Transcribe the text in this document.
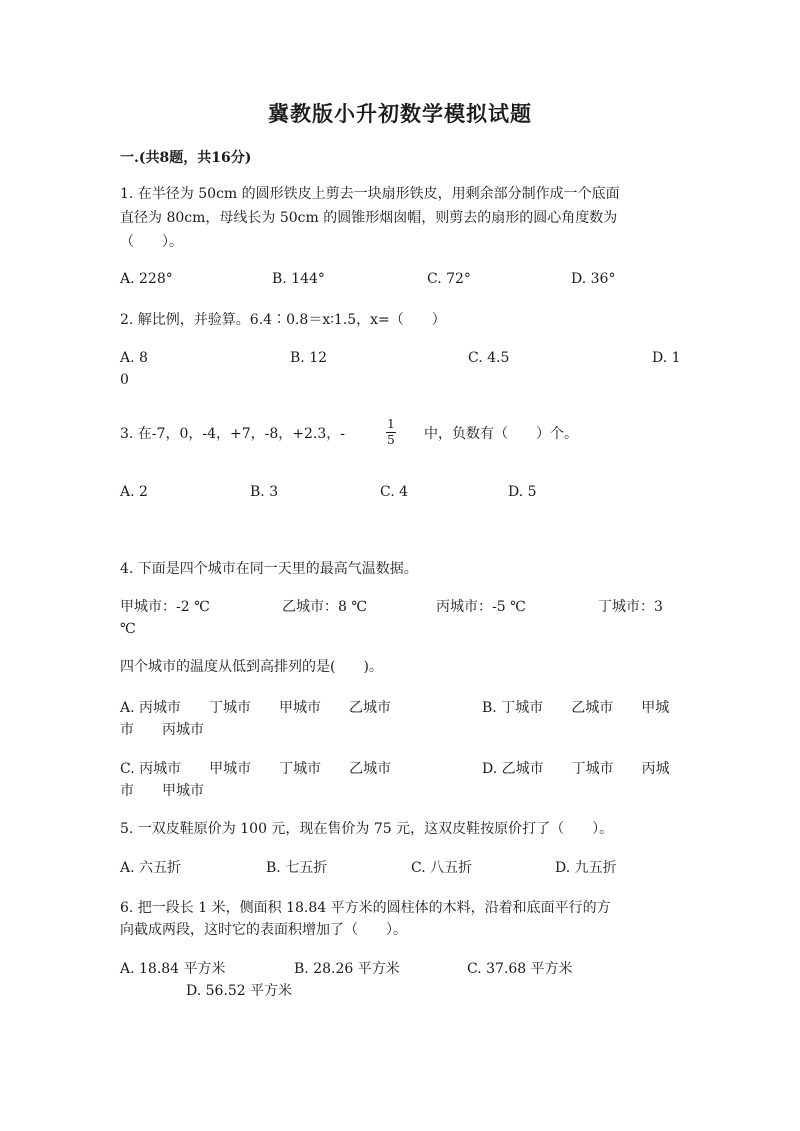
冀教版小升初数学模拟试题
一.(共8题，共16分)
1. 在半径为 50cm 的圆形铁皮上剪去一块扇形铁皮，用剩余部分制作成一个底面
直径为 80cm，母线长为 50cm 的圆锥形烟囱帽，则剪去的扇形的圆心角度数为
（　　）。
A. 228°	B. 144°	C. 72°	D. 36°
2. 解比例，并验算。6.4∶0.8＝x∶1.5，x=（　　）
A. 8	B. 12	C. 4.5	D. 1
0
3. 在-7，0，-4，+7，-8，+2.3，-
1
5 中，负数有（　　）个。
A. 2	B. 3	C. 4	D. 5
4. 下面是四个城市在同一天里的最高气温数据。
甲城市：-2 ℃	乙城市：8 ℃	丙城市：-5 ℃	丁城市：3
℃
四个城市的温度从低到高排列的是(　　)。
A. 丙城市　　丁城市　　甲城市　　乙城市	B. 丁城市　　乙城市　　甲城
市　　丙城市
C. 丙城市　　甲城市　　丁城市　　乙城市	D. 乙城市　　丁城市　　丙城
市　　甲城市
5. 一双皮鞋原价为 100 元，现在售价为 75 元，这双皮鞋按原价打了（　　）。
A. 六五折	B. 七五折	C. 八五折	D. 九五折
6. 把一段长 1 米，侧面积 18.84 平方米的圆柱体的木料，沿着和底面平行的方
向截成两段，这时它的表面积增加了（　　）。
A. 18.84 平方米	B. 28.26 平方米	C. 37.68 平方米
D. 56.52 平方米
